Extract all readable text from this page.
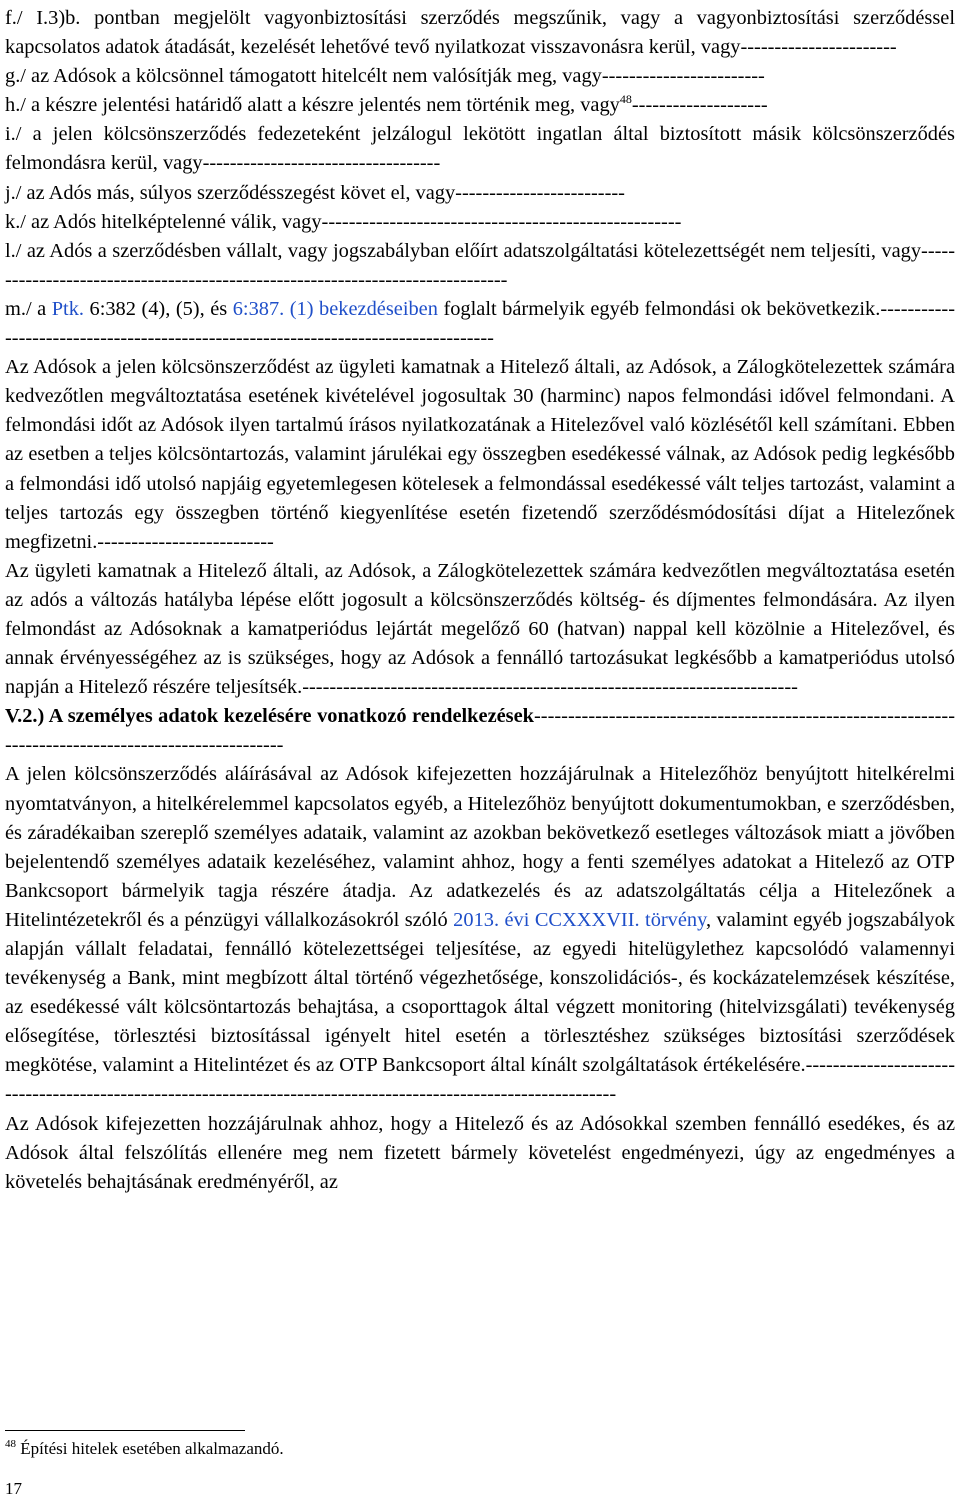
f./ I.3)b. pontban megjelölt vagyonbiztosítási szerződés megszűnik, vagy a vagyonbiztosítási szerződéssel kapcsolatos adatok átadását, kezelését lehetővé tevő nyilatkozat visszavonásra kerül, vagy-----------------------

g./ az Adósok a kölcsönnel támogatott hitelcélt nem valósítják meg, vagy------------------------

h./ a készre jelentési határidő alatt a készre jelentés nem történik meg, vagy$^{48}$--------------------

i./ a jelen kölcsönszerződés fedezeteként jelzálogul lekötött ingatlan által biztosított másik kölcsönszerződés felmondásra kerül, vagy-----------------------------------

j./ az Adós más, súlyos szerződésszegést követ el, vagy-------------------------

k./ az Adós hitelképtelenné válik, vagy-----------------------------------------------------

l./ az Adós a szerződésben vállalt, vagy jogszabályban előírt adatszolgáltatási kötelezettségét nem teljesíti, vagy-------------------------------------------------------------------------------

m./ a Ptk. 6:382 (4), (5), és 6:387. (1) bekezdéseiben foglalt bármelyik egyéb felmondási ok bekövetkezik.-----------------------------------------------------------------------------------

Az Adósok a jelen kölcsönszerződést az ügyleti kamatnak a Hitelező általi, az Adósok, a Zálogkötelezettek számára kedvezőtlen megváltoztatása esetének kivételével jogosultak 30 (harminc) napos felmondási idővel felmondani. A felmondási időt az Adósok ilyen tartalmú írásos nyilatkozatának a Hitelezővel való közlésétől kell számítani. Ebben az esetben a teljes kölcsöntartozás, valamint járulékai egy összegben esedékessé válnak, az Adósok pedig legkésőbb a felmondási idő utolsó napjáig egyetemlegesen kötelesek a felmondással esedékessé vált teljes tartozást, valamint a teljes tartozás egy összegben történő kiegyenlítése esetén fizetendő szerződésmódosítási díjat a Hitelezőnek megfizetni.--------------------------

Az ügyleti kamatnak a Hitelező általi, az Adósok, a Zálogkötelezettek számára kedvezőtlen megváltoztatása esetén az adós a változás hatályba lépése előtt jogosult a kölcsönszerződés költség- és díjmentes felmondására. Az ilyen felmondást az Adósoknak a kamatperiódus lejártát megelőző 60 (hatvan) nappal kell közölnie a Hitelezővel, és annak érvényességéhez az is szükséges, hogy az Adósok a fennálló tartozásukat legkésőbb a kamatperiódus utolsó napján a Hitelező részére teljesítsék.-------------------------------------------------------------------------

V.2.) A személyes adatok kezelésére vonatkozó rendelkezések-------------------------------------------------------------------------------------------------------

A jelen kölcsönszerződés aláírásával az Adósok kifejezetten hozzájárulnak a Hitelezőhöz benyújtott hitelkérelmi nyomtatványon, a hitelkérelemmel kapcsolatos egyéb, a Hitelezőhöz benyújtott dokumentumokban, e szerződésben, és záradékaiban szereplő személyes adataik, valamint az azokban bekövetkező esetleges változások miatt a jövőben bejelentendő személyes adataik kezeléséhez, valamint ahhoz, hogy a fenti személyes adatokat a Hitelező az OTP Bankcsoport bármelyik tagja részére átadja. Az adatkezelés és az adatszolgáltatás célja a Hitelezőnek a Hitelintézetekről és a pénzügyi vállalkozásokról szóló 2013. évi CCXXXVII. törvény, valamint egyéb jogszabályok alapján vállalt feladatai, fennálló kötelezettségei teljesítése, az egyedi hitelügylethez kapcsolódó valamennyi tevékenység a Bank, mint megbízott által történő végezhetősége, konszolidációs-, és kockázatelemzések készítése, az esedékessé vált kölcsöntartozás behajtása, a csoporttagok által végzett monitoring (hitelvizsgálati) tevékenység elősegítése, törlesztési biztosítással igényelt hitel esetén a törlesztéshez szükséges biztosítási szerződések megkötése, valamint a Hitelintézet és az OTP Bankcsoport által kínált szolgáltatások értékelésére.----------------------------------------------------------------------------------------------------------------

Az Adósok kifejezetten hozzájárulnak ahhoz, hogy a Hitelező és az Adósokkal szemben fennálló esedékes, és az Adósok által felszólítás ellenére meg nem fizetett bármely követelést engedményezi, úgy az engedményes a követelés behajtásának eredményéről, az

$^{48}$ Építési hitelek esetében alkalmazandó.
17
